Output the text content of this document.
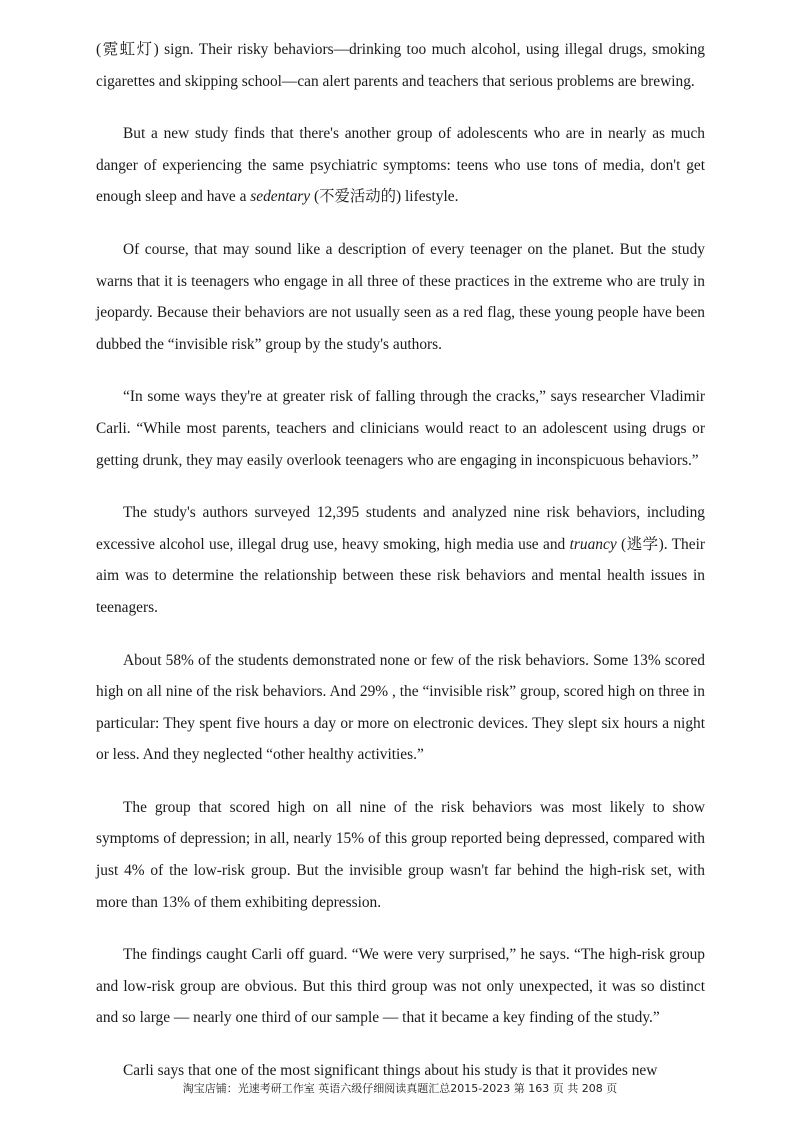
(霓虹灯) sign. Their risky behaviors—drinking too much alcohol, using illegal drugs, smoking cigarettes and skipping school—can alert parents and teachers that serious problems are brewing.

But a new study finds that there's another group of adolescents who are in nearly as much danger of experiencing the same psychiatric symptoms: teens who use tons of media, don't get enough sleep and have a sedentary (不爱活动的) lifestyle.

Of course, that may sound like a description of every teenager on the planet. But the study warns that it is teenagers who engage in all three of these practices in the extreme who are truly in jeopardy. Because their behaviors are not usually seen as a red flag, these young people have been dubbed the “invisible risk” group by the study's authors.

“In some ways they're at greater risk of falling through the cracks,” says researcher Vladimir Carli. “While most parents, teachers and clinicians would react to an adolescent using drugs or getting drunk, they may easily overlook teenagers who are engaging in inconspicuous behaviors.”

The study's authors surveyed 12,395 students and analyzed nine risk behaviors, including excessive alcohol use, illegal drug use, heavy smoking, high media use and truancy (逃学). Their aim was to determine the relationship between these risk behaviors and mental health issues in teenagers.

About 58% of the students demonstrated none or few of the risk behaviors. Some 13% scored high on all nine of the risk behaviors. And 29% , the “invisible risk” group, scored high on three in particular: They spent five hours a day or more on electronic devices. They slept six hours a night or less. And they neglected “other healthy activities.”

The group that scored high on all nine of the risk behaviors was most likely to show symptoms of depression; in all, nearly 15% of this group reported being depressed, compared with just 4% of the low-risk group. But the invisible group wasn't far behind the high-risk set, with more than 13% of them exhibiting depression.

The findings caught Carli off guard. “We were very surprised,” he says. “The high-risk group and low-risk group are obvious. But this third group was not only unexpected, it was so distinct and so large — nearly one third of our sample — that it became a key finding of the study.”

Carli says that one of the most significant things about his study is that it provides new

淘宝店铺：光速考研工作室 英语六级仔细阅读真题汇总2015-2023 第 163 页 共 208 页
